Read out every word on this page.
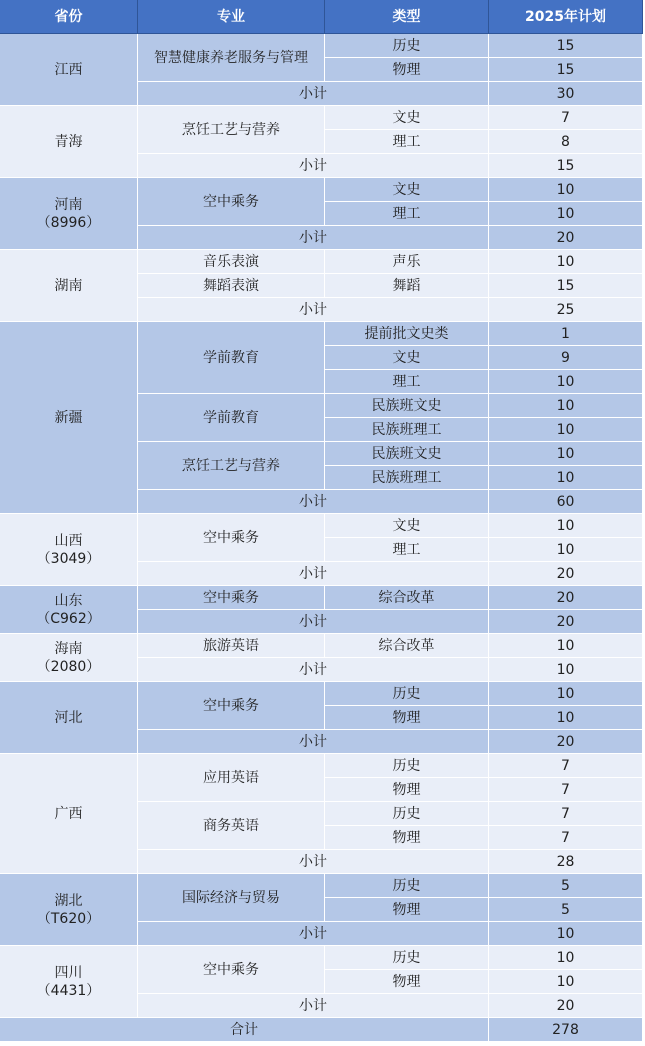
省份	专业	类型	2025年计划
江西
智慧健康养老服务与管理
历史	15
物理	15
小计	30
青海
烹饪工艺与营养
文史	7
理工	8
小计	15
河南
（8996）
空中乘务
文史	10
理工	10
小计	20
湖南
音乐表演	声乐	10
舞蹈表演	舞蹈	15
小计	25
新疆
学前教育
提前批文史类	1
文史	9
理工	10
学前教育
民族班文史	10
民族班理工	10
烹饪工艺与营养
民族班文史	10
民族班理工	10
小计	60
山西
（3049）
空中乘务
文史	10
理工	10
小计	20
山东
（C962）
空中乘务	综合改革	20
小计	20
海南
（2080）
旅游英语	综合改革	10
小计	10
河北
空中乘务
历史	10
物理	10
小计	20
广西
应用英语
历史	7
物理	7
商务英语
历史	7
物理	7
小计	28
湖北
（T620）
国际经济与贸易
历史	5
物理	5
小计	10
四川
（4431）
空中乘务
历史	10
物理	10
小计	20
合计	278
